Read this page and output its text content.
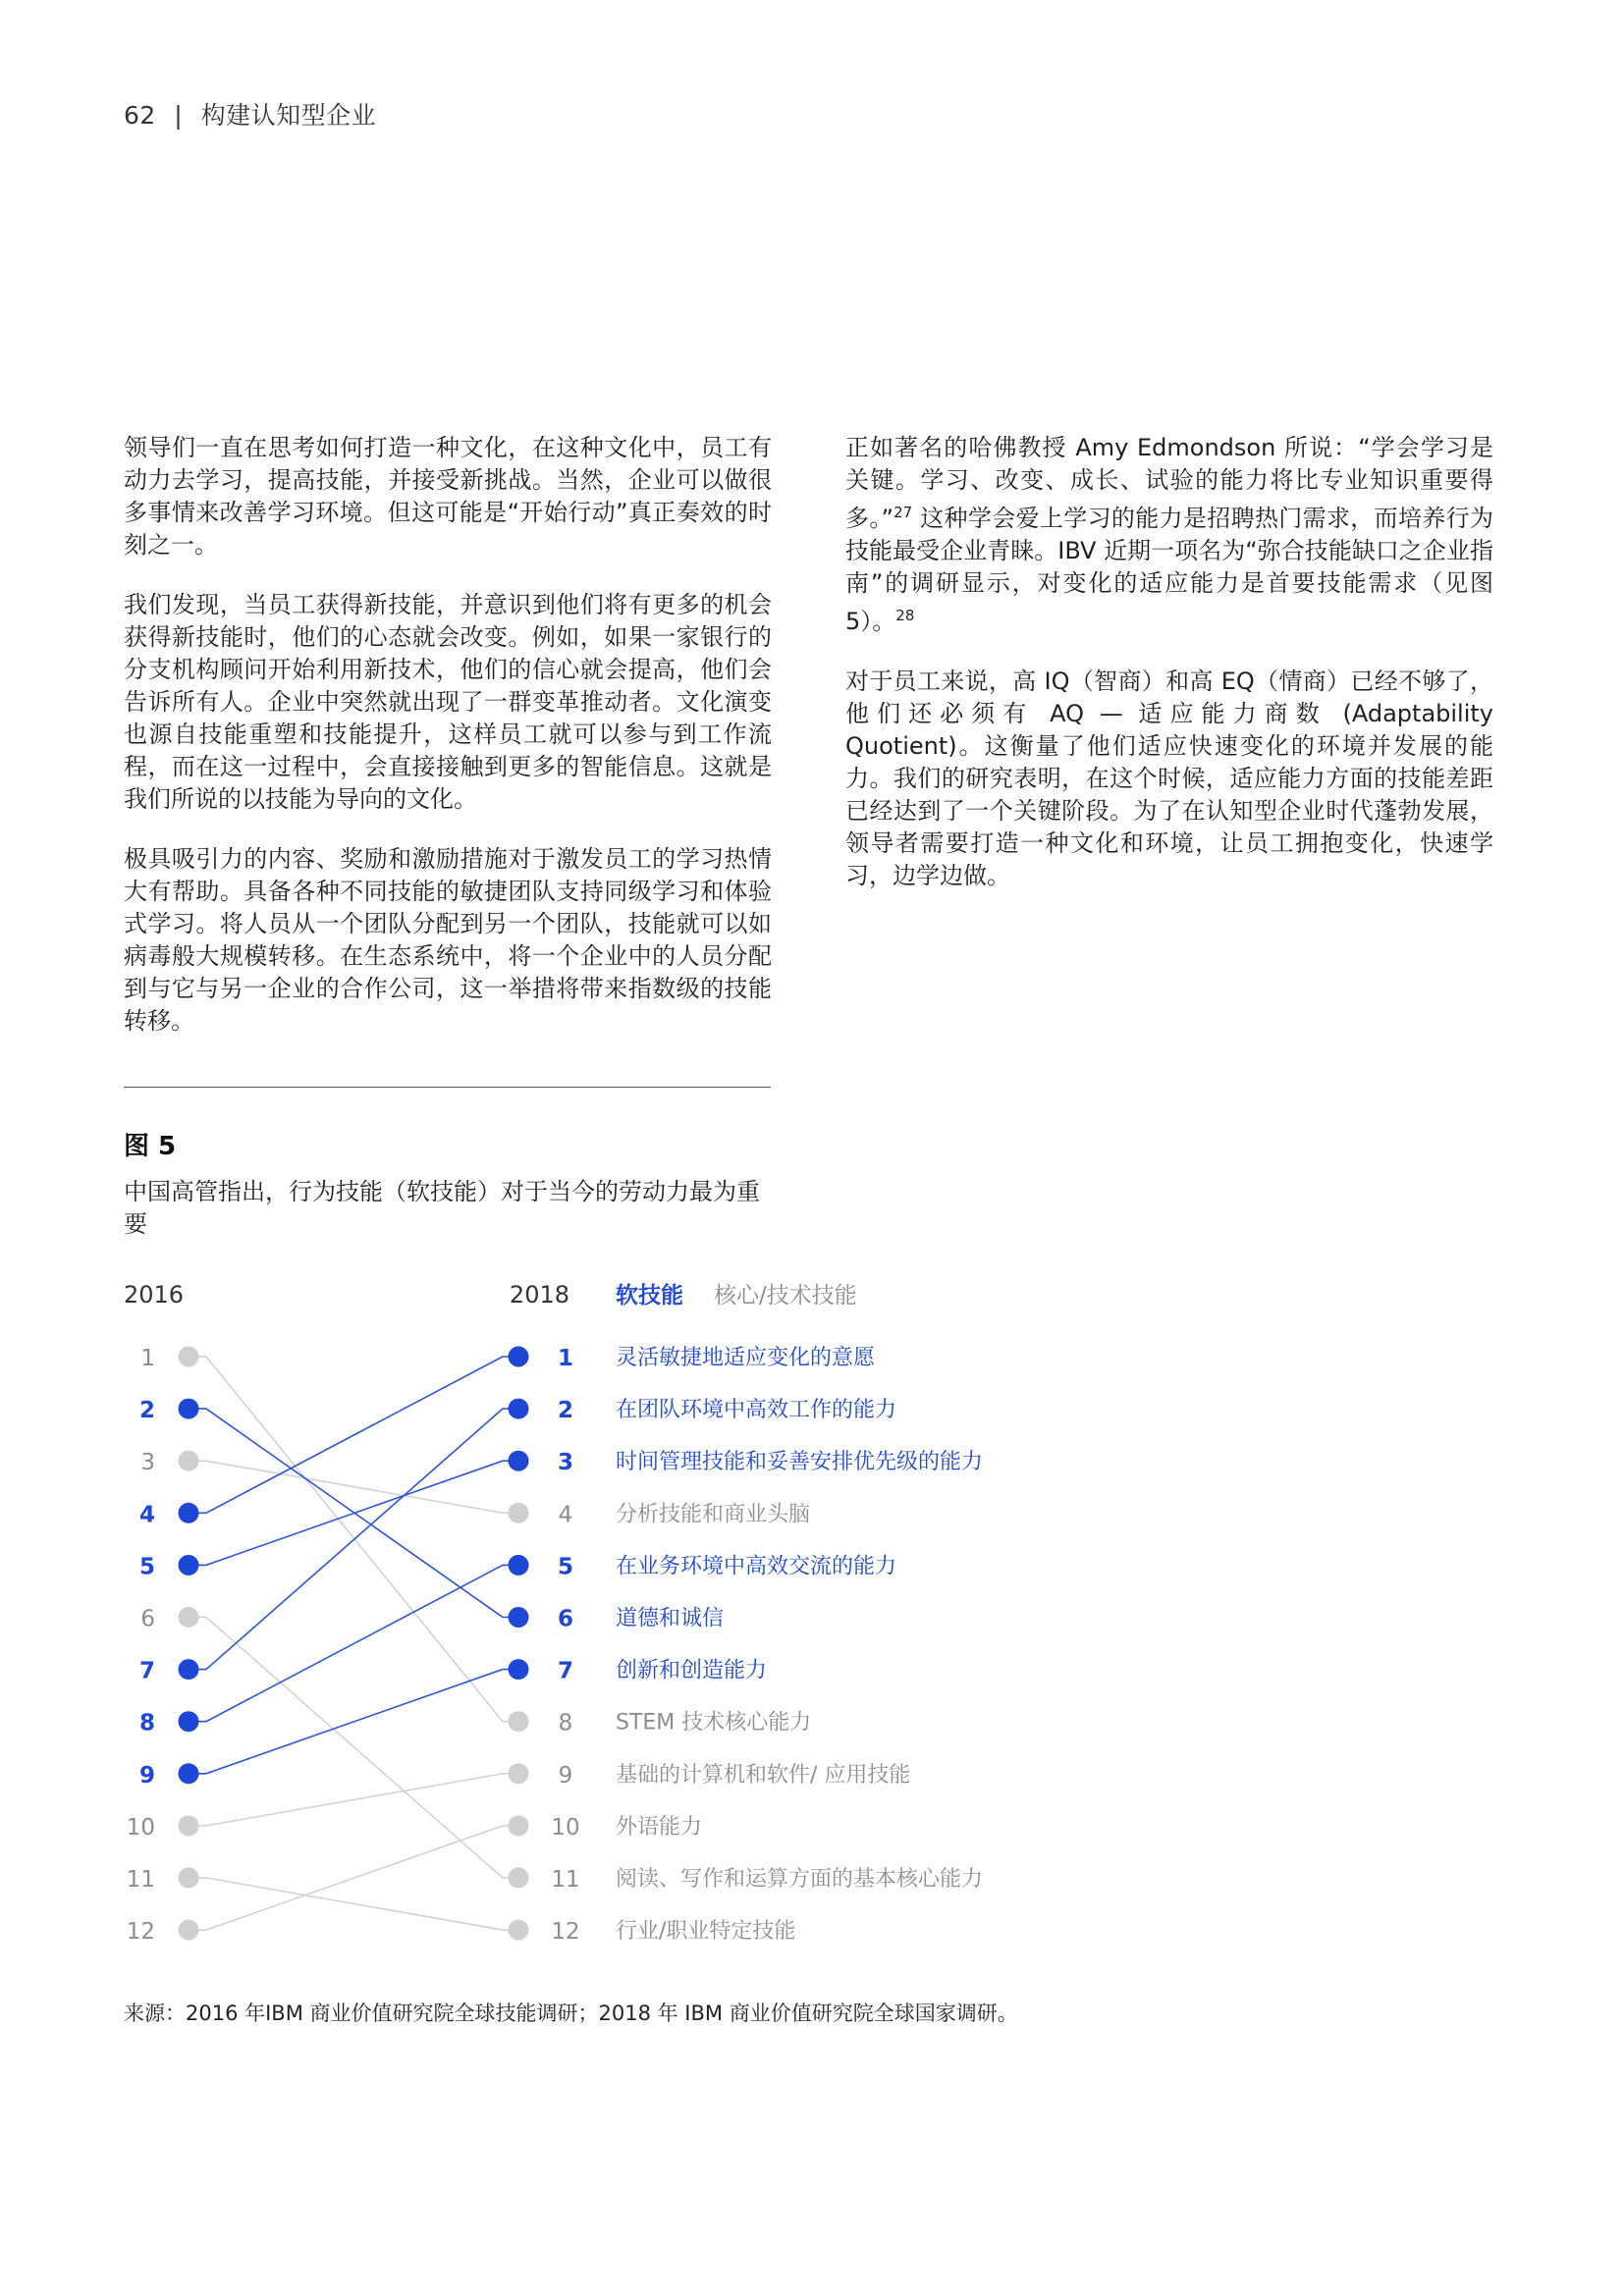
62 | 构建认知型企业

领导们一直在思考如何打造一种文化，在这种文化中，员工有动力去学习，提高技能，并接受新挑战。当然，企业可以做很多事情来改善学习环境。但这可能是“开始行动”真正奏效的时刻之一。

我们发现，当员工获得新技能，并意识到他们将有更多的机会获得新技能时，他们的心态就会改变。例如，如果一家银行的分支机构顾问开始利用新技术，他们的信心就会提高，他们会告诉所有人。企业中突然就出现了一群变革推动者。文化演变也源自技能重塑和技能提升，这样员工就可以参与到工作流程，而在这一过程中，会直接接触到更多的智能信息。这就是我们所说的以技能为导向的文化。

极具吸引力的内容、奖励和激励措施对于激发员工的学习热情大有帮助。具备各种不同技能的敏捷团队支持同级学习和体验式学习。将人员从一个团队分配到另一个团队，技能就可以如病毒般大规模转移。在生态系统中，将一个企业中的人员分配到与它与另一企业的合作公司，这一举措将带来指数级的技能转移。

正如著名的哈佛教授 Amy Edmondson 所说：“学会学习是关键。学习、改变、成长、试验的能力将比专业知识重要得多。”$^{27}$ 这种学会爱上学习的能力是招聘热门需求，而培养行为技能最受企业青睐。IBV 近期一项名为“弥合技能缺口之企业指南”的调研显示，对变化的适应能力是首要技能需求（见图 5）。$^{28}$

对于员工来说，高 IQ（智商）和高 EQ（情商）已经不够了，他们还必须有 AQ — 适应能力商数 (Adaptability Quotient)。这衡量了他们适应快速变化的环境并发展的能力。我们的研究表明，在这个时候，适应能力方面的技能差距已经达到了一个关键阶段。为了在认知型企业时代蓬勃发展，领导者需要打造一种文化和环境，让员工拥抱变化，快速学习，边学边做。

图 5
中国高管指出，行为技能（软技能）对于当今的劳动力最为重要
2016	2018 软技能 核心/技术技能
1
2
3
4
5
6
7
8
9
10
11
12
1 灵活敏捷地适应变化的意愿
2 在团队环境中高效工作的能力
3 时间管理技能和妥善安排优先级的能力
4 分析技能和商业头脑
5 在业务环境中高效交流的能力
6 道德和诚信
7 创新和创造能力
8 STEM 技术核心能力
9 基础的计算机和软件/ 应用技能
10 外语能力
11 阅读、写作和运算方面的基本核心能力
12 行业/职业特定技能
来源：2016 年IBM 商业价值研究院全球技能调研；2018 年 IBM 商业价值研究院全球国家调研。
